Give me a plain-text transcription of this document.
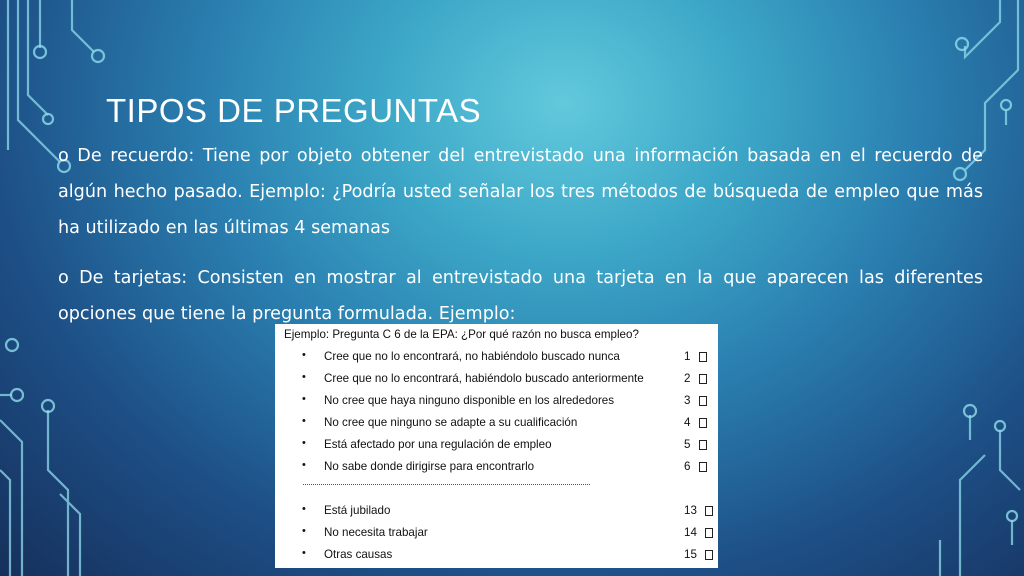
TIPOS DE PREGUNTAS

o De recuerdo: Tiene por objeto obtener del entrevistado una información basada en el recuerdo de algún hecho pasado. Ejemplo: ¿Podría usted señalar los tres métodos de búsqueda de empleo que más ha utilizado en las últimas 4 semanas

o De tarjetas: Consisten en mostrar al entrevistado una tarjeta en la que aparecen las diferentes opciones que tiene la pregunta formulada. Ejemplo:

Ejemplo: Pregunta C 6 de la EPA: ¿Por qué razón no busca empleo?
• Cree que no lo encontrará, no habiéndolo buscado nunca	1
• Cree que no lo encontrará, habiéndolo buscado anteriormente	2
• No cree que haya ninguno disponible en los alrededores	3
• No cree que ninguno se adapte a su cualificación	4
• Está afectado por una regulación de empleo	5
• No sabe donde dirigirse para encontrarlo	6
• Está jubilado	13
• No necesita trabajar	14
• Otras causas	15
